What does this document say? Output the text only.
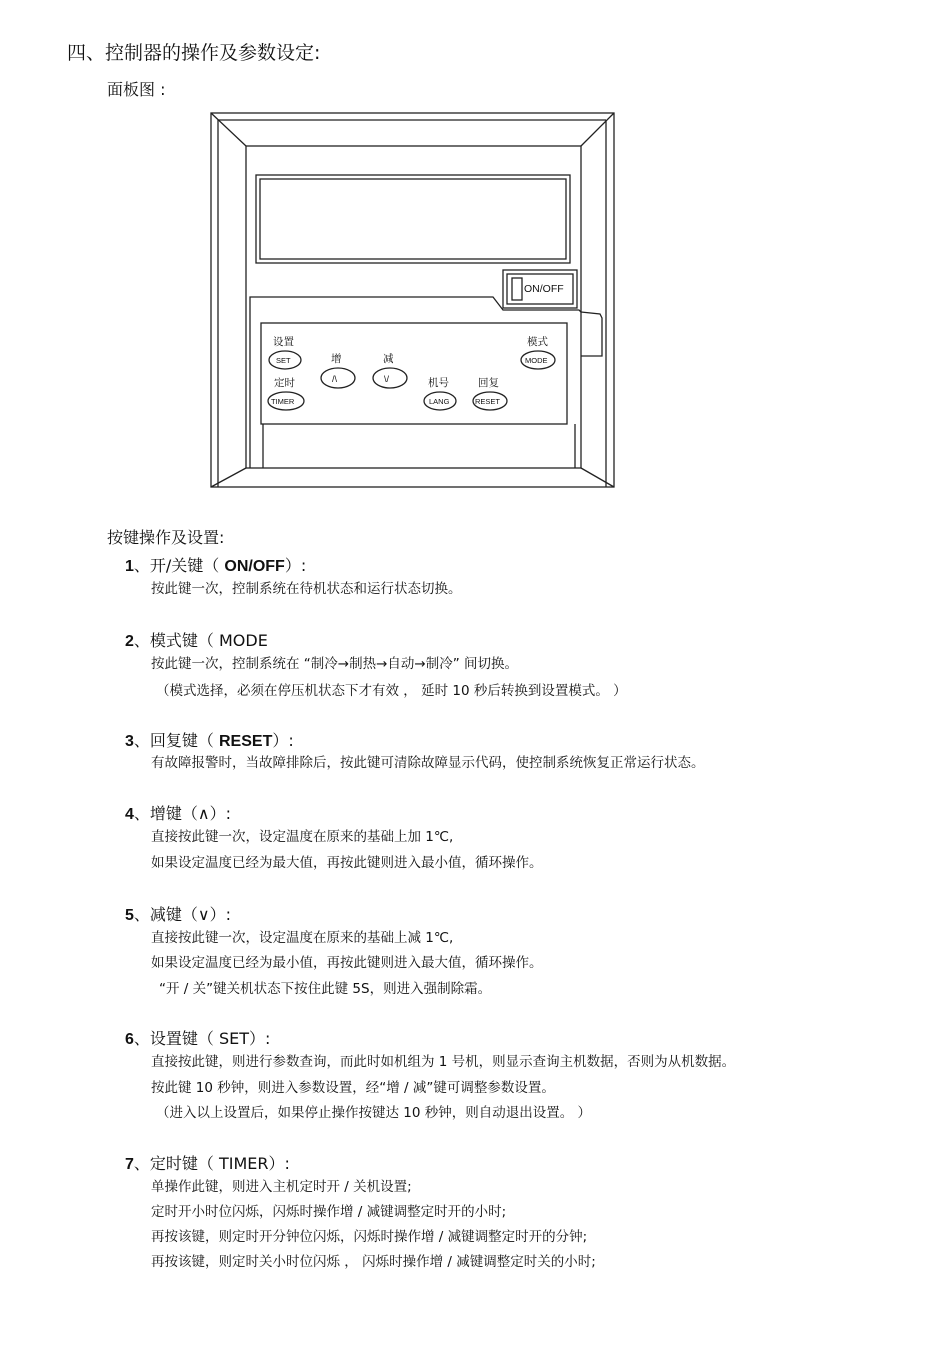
四、控制器的操作及参数设定:
面板图 :
ON/OFF
设置
SET
定时
TIMER
增
/\
减
\/	机号
LANG
回复
RESET
模式
MODE
按键操作及设置:
1、开/关键（ ON/OFF）:
按此键一次，控制系统在待机状态和运行状态切换。
2、模式键（ MODE
按此键一次，控制系统在 “制冷→制热→自动→制冷” 间切换。
（模式选择，必须在停压机状态下才有效 ， 延时 10 秒后转换到设置模式。 ）
3、回复键（ RESET）:
有故障报警时，当故障排除后，按此键可清除故障显示代码，使控制系统恢复正常运行状态。
4、增键（∧）:
直接按此键一次，设定温度在原来的基础上加 1℃,
如果设定温度已经为最大值，再按此键则进入最小值，循环操作。
5、减键（∨）:
直接按此键一次，设定温度在原来的基础上减 1℃,
如果设定温度已经为最小值，再按此键则进入最大值，循环操作。
“开 / 关”键关机状态下按住此键 5S，则进入强制除霜。
6、设置键（ SET）:
直接按此键，则进行参数查询，而此时如机组为 1 号机，则显示查询主机数据，否则为从机数据。
按此键 10 秒钟，则进入参数设置，经“增 / 减”键可调整参数设置。
（进入以上设置后，如果停止操作按键达 10 秒钟，则自动退出设置。 ）
7、定时键（ TIMER）:
单操作此键，则进入主机定时开 / 关机设置;
定时开小时位闪烁，闪烁时操作增 / 减键调整定时开的小时;
再按该键，则定时开分钟位闪烁，闪烁时操作增 / 减键调整定时开的分钟;
再按该键，则定时关小时位闪烁 ， 闪烁时操作增 / 减键调整定时关的小时;
